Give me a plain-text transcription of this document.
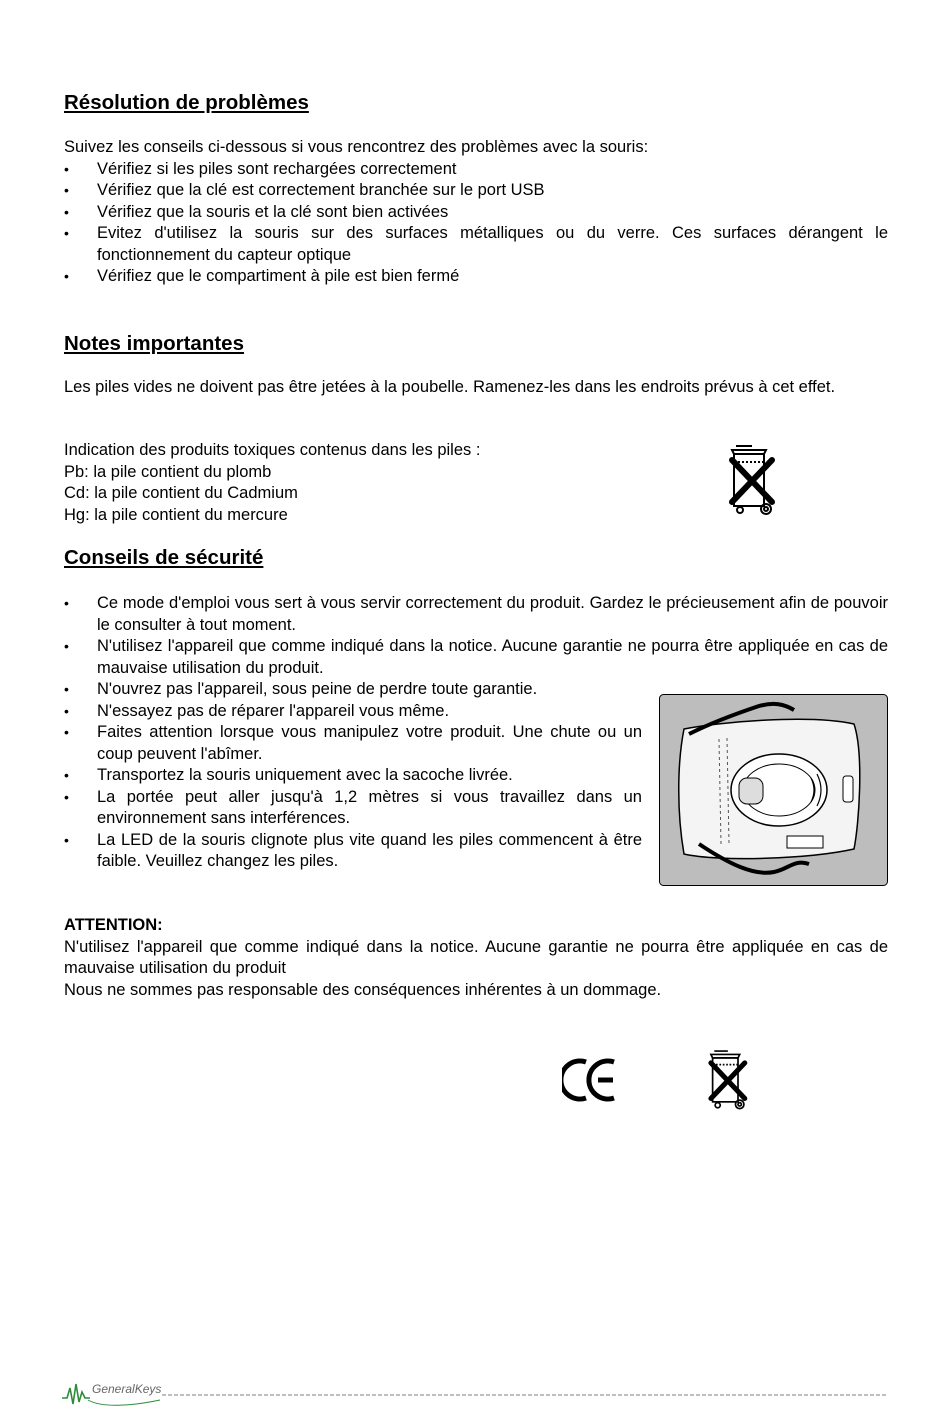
Résolution de problèmes

Suivez les conseils ci-dessous si vous rencontrez des problèmes avec la souris:

• Vérifiez si les piles sont rechargées correctement
• Vérifiez que la clé est correctement branchée sur le port USB
• Vérifiez que la souris et la clé sont bien activées
• Evitez d'utilisez la souris sur des surfaces métalliques ou du verre. Ces surfaces dérangent le fonctionnement du capteur optique
• Vérifiez que le compartiment à pile est bien fermé
Notes importantes

Les piles vides ne doivent pas être jetées à la poubelle. Ramenez-les dans les endroits prévus à cet effet.

Indication des produits toxiques contenus dans les piles :

Pb: la pile contient du plomb

Cd: la pile contient du Cadmium

Hg: la pile contient du mercure

Conseils de sécurité
• Ce mode d'emploi vous sert à vous servir correctement du produit. Gardez le précieusement afin de pouvoir le consulter à tout moment.
• N'utilisez l'appareil que comme indiqué dans la notice. Aucune garantie ne pourra être appliquée en cas de mauvaise utilisation du produit.
• N'ouvrez pas l'appareil, sous peine de perdre toute garantie.
• N'essayez pas de réparer l'appareil vous même.
• Faites attention lorsque vous manipulez votre produit. Une chute ou un coup peuvent l'abîmer.
• Transportez la souris uniquement avec la sacoche livrée.
• La portée peut aller jusqu'à 1,2 mètres si vous travaillez dans un environnement sans interférences.
• La LED de la souris clignote plus vite quand les piles commencent à être faible. Veuillez changez les piles.

ATTENTION:

N'utilisez l'appareil que comme indiqué dans la notice. Aucune garantie ne pourra être appliquée en cas de mauvaise utilisation du produit

Nous ne sommes pas responsable des conséquences inhérentes à un dommage.

GeneralKeys
